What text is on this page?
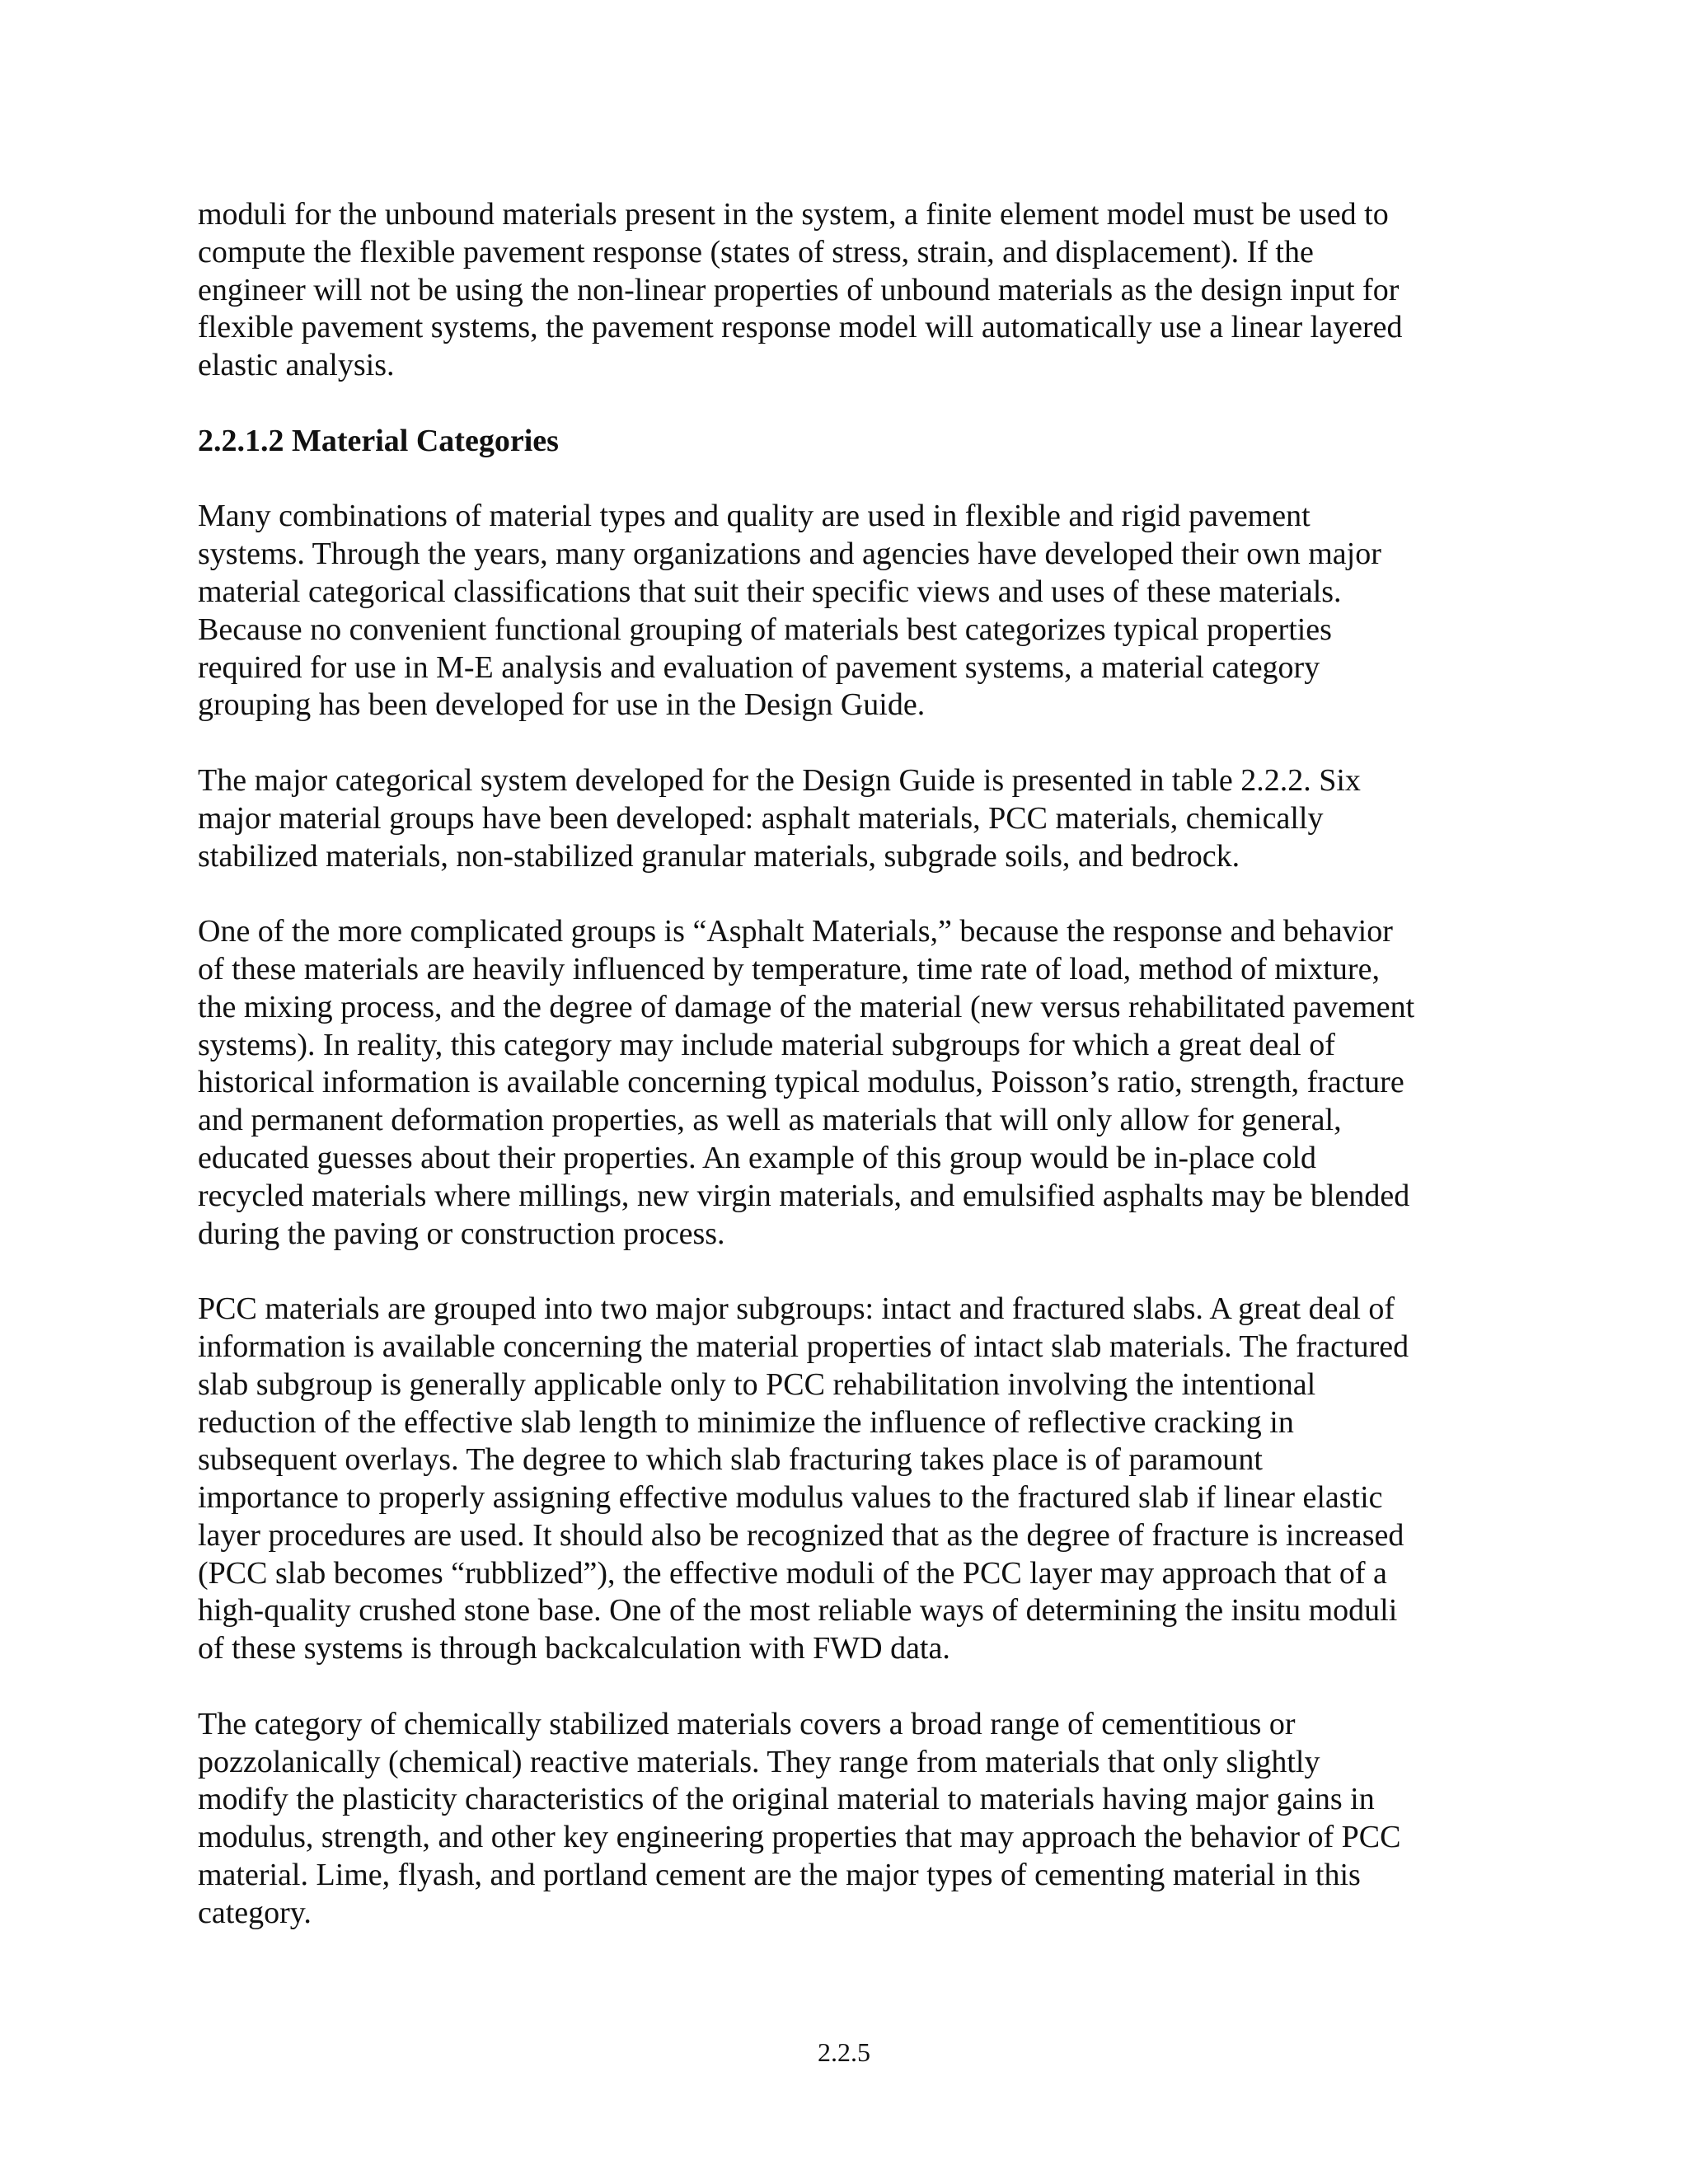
moduli for the unbound materials present in the system, a finite element model must be used to
compute the flexible pavement response (states of stress, strain, and displacement). If the
engineer will not be using the non-linear properties of unbound materials as the design input for
flexible pavement systems, the pavement response model will automatically use a linear layered
elastic analysis.

2.2.1.2 Material Categories

Many combinations of material types and quality are used in flexible and rigid pavement
systems. Through the years, many organizations and agencies have developed their own major
material categorical classifications that suit their specific views and uses of these materials.
Because no convenient functional grouping of materials best categorizes typical properties
required for use in M-E analysis and evaluation of pavement systems, a material category
grouping has been developed for use in the Design Guide.

The major categorical system developed for the Design Guide is presented in table 2.2.2. Six
major material groups have been developed: asphalt materials, PCC materials, chemically
stabilized materials, non-stabilized granular materials, subgrade soils, and bedrock.

One of the more complicated groups is “Asphalt Materials,” because the response and behavior
of these materials are heavily influenced by temperature, time rate of load, method of mixture,
the mixing process, and the degree of damage of the material (new versus rehabilitated pavement
systems). In reality, this category may include material subgroups for which a great deal of
historical information is available concerning typical modulus, Poisson’s ratio, strength, fracture
and permanent deformation properties, as well as materials that will only allow for general,
educated guesses about their properties. An example of this group would be in-place cold
recycled materials where millings, new virgin materials, and emulsified asphalts may be blended
during the paving or construction process.

PCC materials are grouped into two major subgroups: intact and fractured slabs. A great deal of
information is available concerning the material properties of intact slab materials. The fractured
slab subgroup is generally applicable only to PCC rehabilitation involving the intentional
reduction of the effective slab length to minimize the influence of reflective cracking in
subsequent overlays. The degree to which slab fracturing takes place is of paramount
importance to properly assigning effective modulus values to the fractured slab if linear elastic
layer procedures are used. It should also be recognized that as the degree of fracture is increased
(PCC slab becomes “rubblized”), the effective moduli of the PCC layer may approach that of a
high-quality crushed stone base. One of the most reliable ways of determining the insitu moduli
of these systems is through backcalculation with FWD data.

The category of chemically stabilized materials covers a broad range of cementitious or
pozzolanically (chemical) reactive materials. They range from materials that only slightly
modify the plasticity characteristics of the original material to materials having major gains in
modulus, strength, and other key engineering properties that may approach the behavior of PCC
material. Lime, flyash, and portland cement are the major types of cementing material in this
category.

2.2.5
